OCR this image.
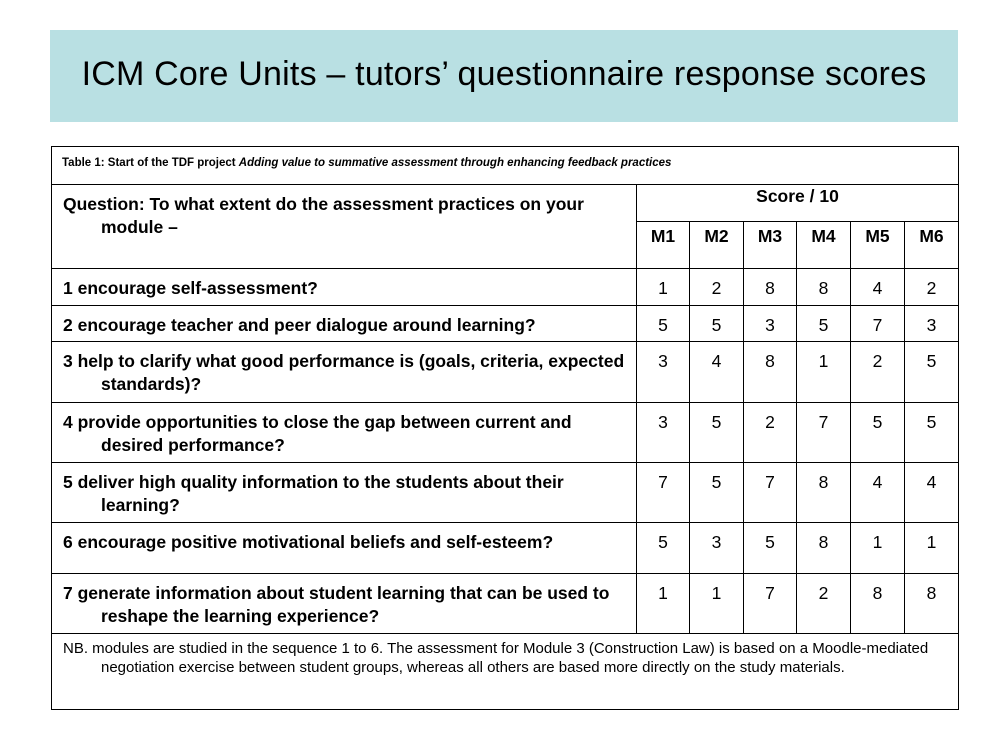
ICM Core Units – tutors’ questionnaire response scores
Table 1: Start of the TDF project Adding value to summative assessment through enhancing feedback practices						

Question: To what extent do the assessment practices on your module –	Score / 10					
	M1	M2	M3	M4	M5	M6

1 encourage self-assessment?	1	2	8	8	4	2

2 encourage teacher and peer dialogue around learning?	5	5	3	5	7	3

3 help to clarify what good performance is (goals, criteria, expected standards)?	3	4	8	1	2	5

4 provide opportunities to close the gap between current and desired performance?	3	5	2	7	5	5

5 deliver high quality information to the students about their learning?	7	5	7	8	4	4

6 encourage positive motivational beliefs and self-esteem?	5	3	5	8	1	1

7 generate information about student learning that can be used to reshape the learning experience?	1	1	7	2	8	8

NB. modules are studied in the sequence 1 to 6. The assessment for Module 3 (Construction Law) is based on a Moodle-mediated negotiation exercise between student groups, whereas all others are based more directly on the study materials.						
